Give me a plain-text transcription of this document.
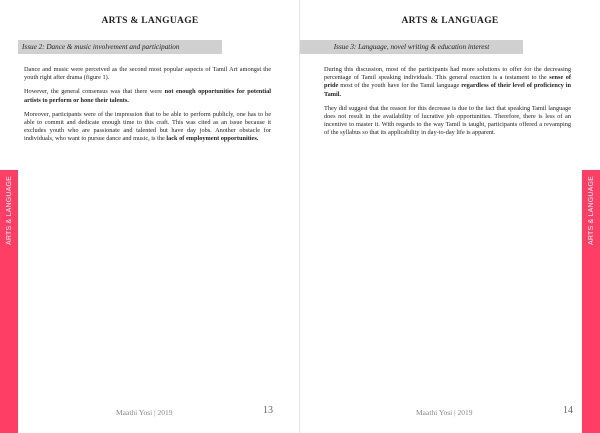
ARTS & LANGUAGE
ARTS & LANGUAGE
Issue 2: Dance & music involvement and participation

Dance and music were perceived as the second most popular aspects of Tamil Art amongst the youth right after drama (figure 1).

However, the general consensus was that there were not enough opportunities for potential artists to perform or hone their talents.

Moreover, participants were of the impression that to be able to perform publicly, one has to be able to commit and dedicate enough time to this craft. This was cited as an issue because it excludes youth who are passionate and talented but have day jobs. Another obstacle for individuals, who want to pursue dance and music, is the lack of employment opportunities.

Maathi Yosi | 2019	13
ARTS & LANGUAGE
ARTS & LANGUAGE
Issue 3: Language, novel writing & education interest

During this discussion, most of the participants had more solutions to offer for the decreasing percentage of Tamil speaking individuals. This general reaction is a testament to the sense of pride most of the youth have for the Tamil language regardless of their level of proficiency in Tamil.

They did suggest that the reason for this decrease is due to the fact that speaking Tamil language does not result in the availability of lucrative job opportunities. Therefore, there is less of an incentive to master it. With regards to the way Tamil is taught, participants offered a revamping of the syllabus so that its applicability in day-to-day life is apparent.

Maathi Yosi | 2019	14
